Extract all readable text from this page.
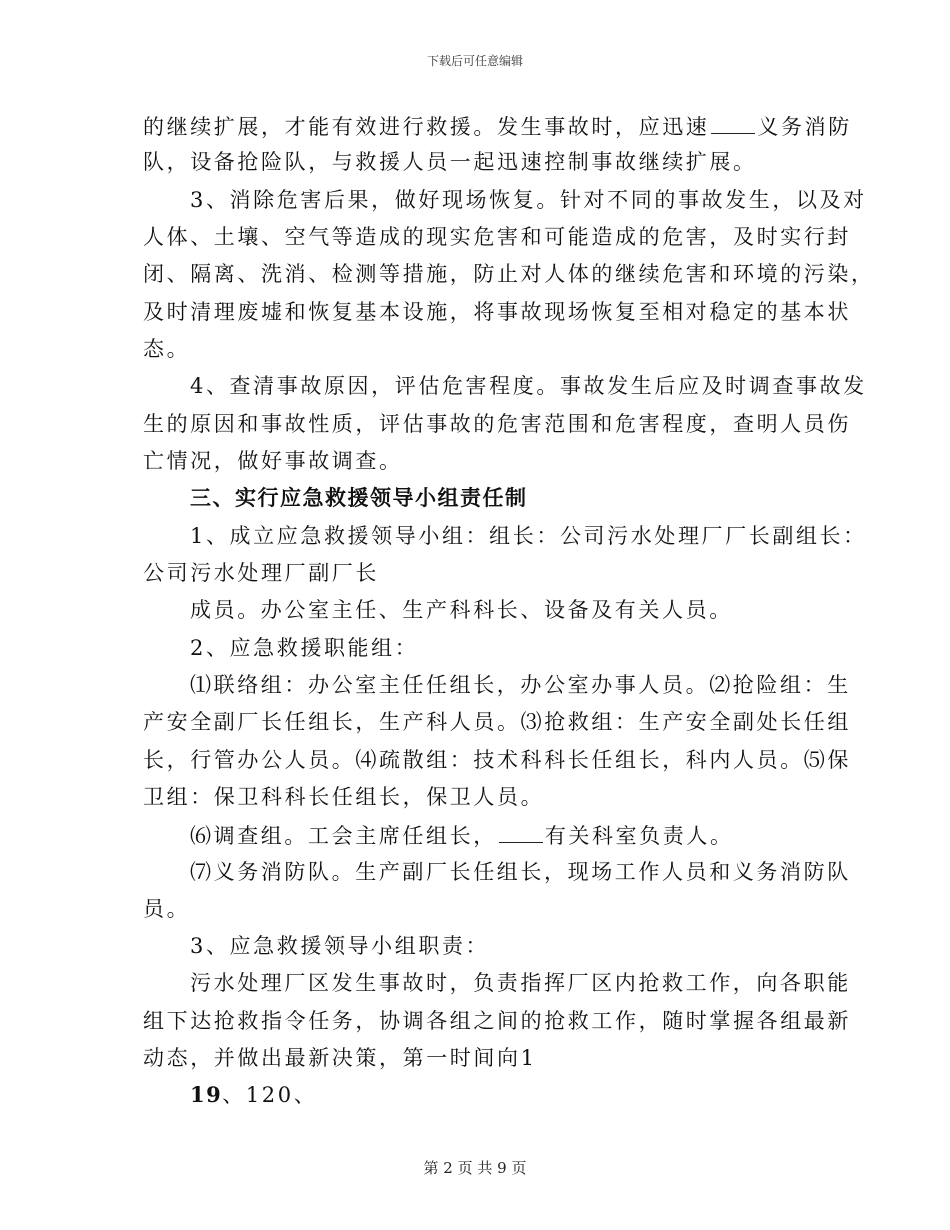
下载后可任意编辑
的继续扩展，才能有效进行救援。发生事故时，应迅速 义务消防
队，设备抢险队，与救援人员一起迅速控制事故继续扩展。
3、消除危害后果，做好现场恢复。针对不同的事故发生，以及对
人体、土壤、空气等造成的现实危害和可能造成的危害，及时实行封
闭、隔离、洗消、检测等措施，防止对人体的继续危害和环境的污染，
及时清理废墟和恢复基本设施，将事故现场恢复至相对稳定的基本状
态。
4、查清事故原因，评估危害程度。事故发生后应及时调查事故发
生的原因和事故性质，评估事故的危害范围和危害程度，查明人员伤
亡情况，做好事故调查。
三、实行应急救援领导小组责任制
1、成立应急救援领导小组：组长：公司污水处理厂厂长副组长：
公司污水处理厂副厂长
成员。办公室主任、生产科科长、设备及有关人员。
2、应急救援职能组：
⑴联络组：办公室主任任组长，办公室办事人员。⑵抢险组：生
产安全副厂长任组长，生产科人员。⑶抢救组：生产安全副处长任组
长，行管办公人员。⑷疏散组：技术科科长任组长，科内人员。⑸保
卫组：保卫科科长任组长，保卫人员。
⑹调查组。工会主席任组长， 有关科室负责人。
⑺义务消防队。生产副厂长任组长，现场工作人员和义务消防队
员。
3、应急救援领导小组职责：
污水处理厂区发生事故时，负责指挥厂区内抢救工作，向各职能
组下达抢救指令任务，协调各组之间的抢救工作，随时掌握各组最新
动态，并做出最新决策，第一时间向1
19、120、
第 2 页 共 9 页
